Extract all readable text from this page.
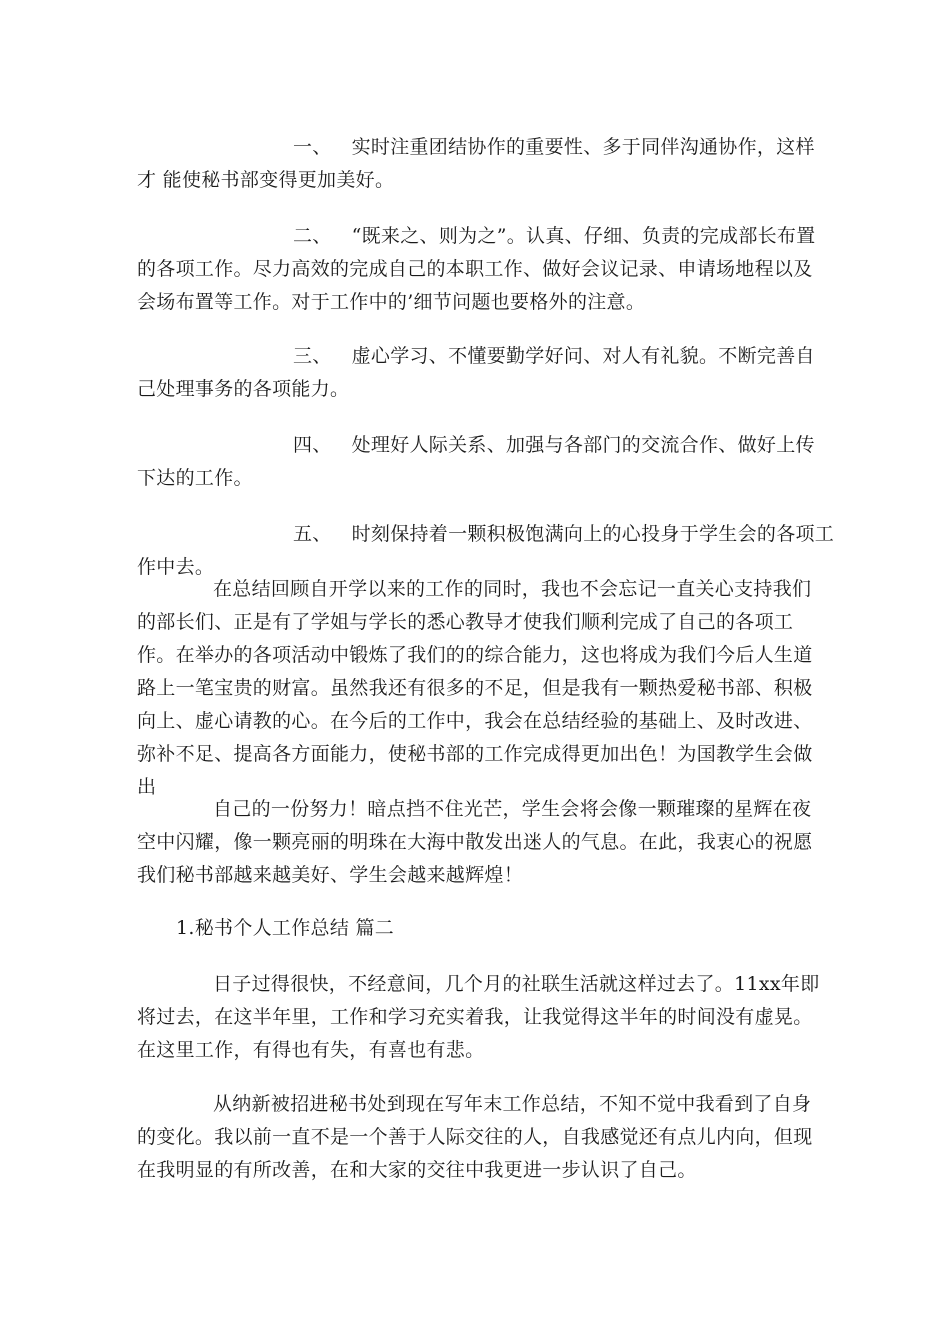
一、 实时注重团结协作的重要性、多于同伴沟通协作，这样才 能使秘书部变得更加美好。
二、 “既来之、则为之”。认真、仔细、负责的完成部长布置的各项工作。尽力高效的完成自己的本职工作、做好会议记录、申请场地程以及会场布置等工作。对于工作中的’细节问题也要格外的注意。
三、 虚心学习、不懂要勤学好问、对人有礼貌。不断完善自己处理事务的各项能力。
四、 处理好人际关系、加强与各部门的交流合作、做好上传下达的工作。
五、 时刻保持着一颗积极饱满向上的心投身于学生会的各项工 作中去。
在总结回顾自开学以来的工作的同时，我也不会忘记一直关心支持我们的部长们、正是有了学姐与学长的悉心教导才使我们顺利完成了自己的各项工作。在举办的各项活动中锻炼了我们的的综合能力，这也将成为我们今后人生道路上一笔宝贵的财富。虽然我还有很多的不足，但是我有一颗热爱秘书部、积极向上、虚心请教的心。在今后的工作中，我会在总结经验的基础上、及时改进、弥补不足、提高各方面能力，使秘书部的工作完成得更加出色！为国教学生会做出
自己的一份努力！暗点挡不住光芒，学生会将会像一颗璀璨的星辉在夜空中闪耀，像一颗亮丽的明珠在大海中散发出迷人的气息。在此，我衷心的祝愿我们秘书部越来越美好、学生会越来越辉煌！
1.秘书个人工作总结 篇二
日子过得很快，不经意间，几个月的社联生活就这样过去了。11xx年即将过去，在这半年里，工作和学习充实着我，让我觉得这半年的时间没有虚晃。在这里工作，有得也有失，有喜也有悲。
从纳新被招进秘书处到现在写年末工作总结，不知不觉中我看到了自身的变化。我以前一直不是一个善于人际交往的人，自我感觉还有点儿内向，但现在我明显的有所改善，在和大家的交往中我更进一步认识了自己。
